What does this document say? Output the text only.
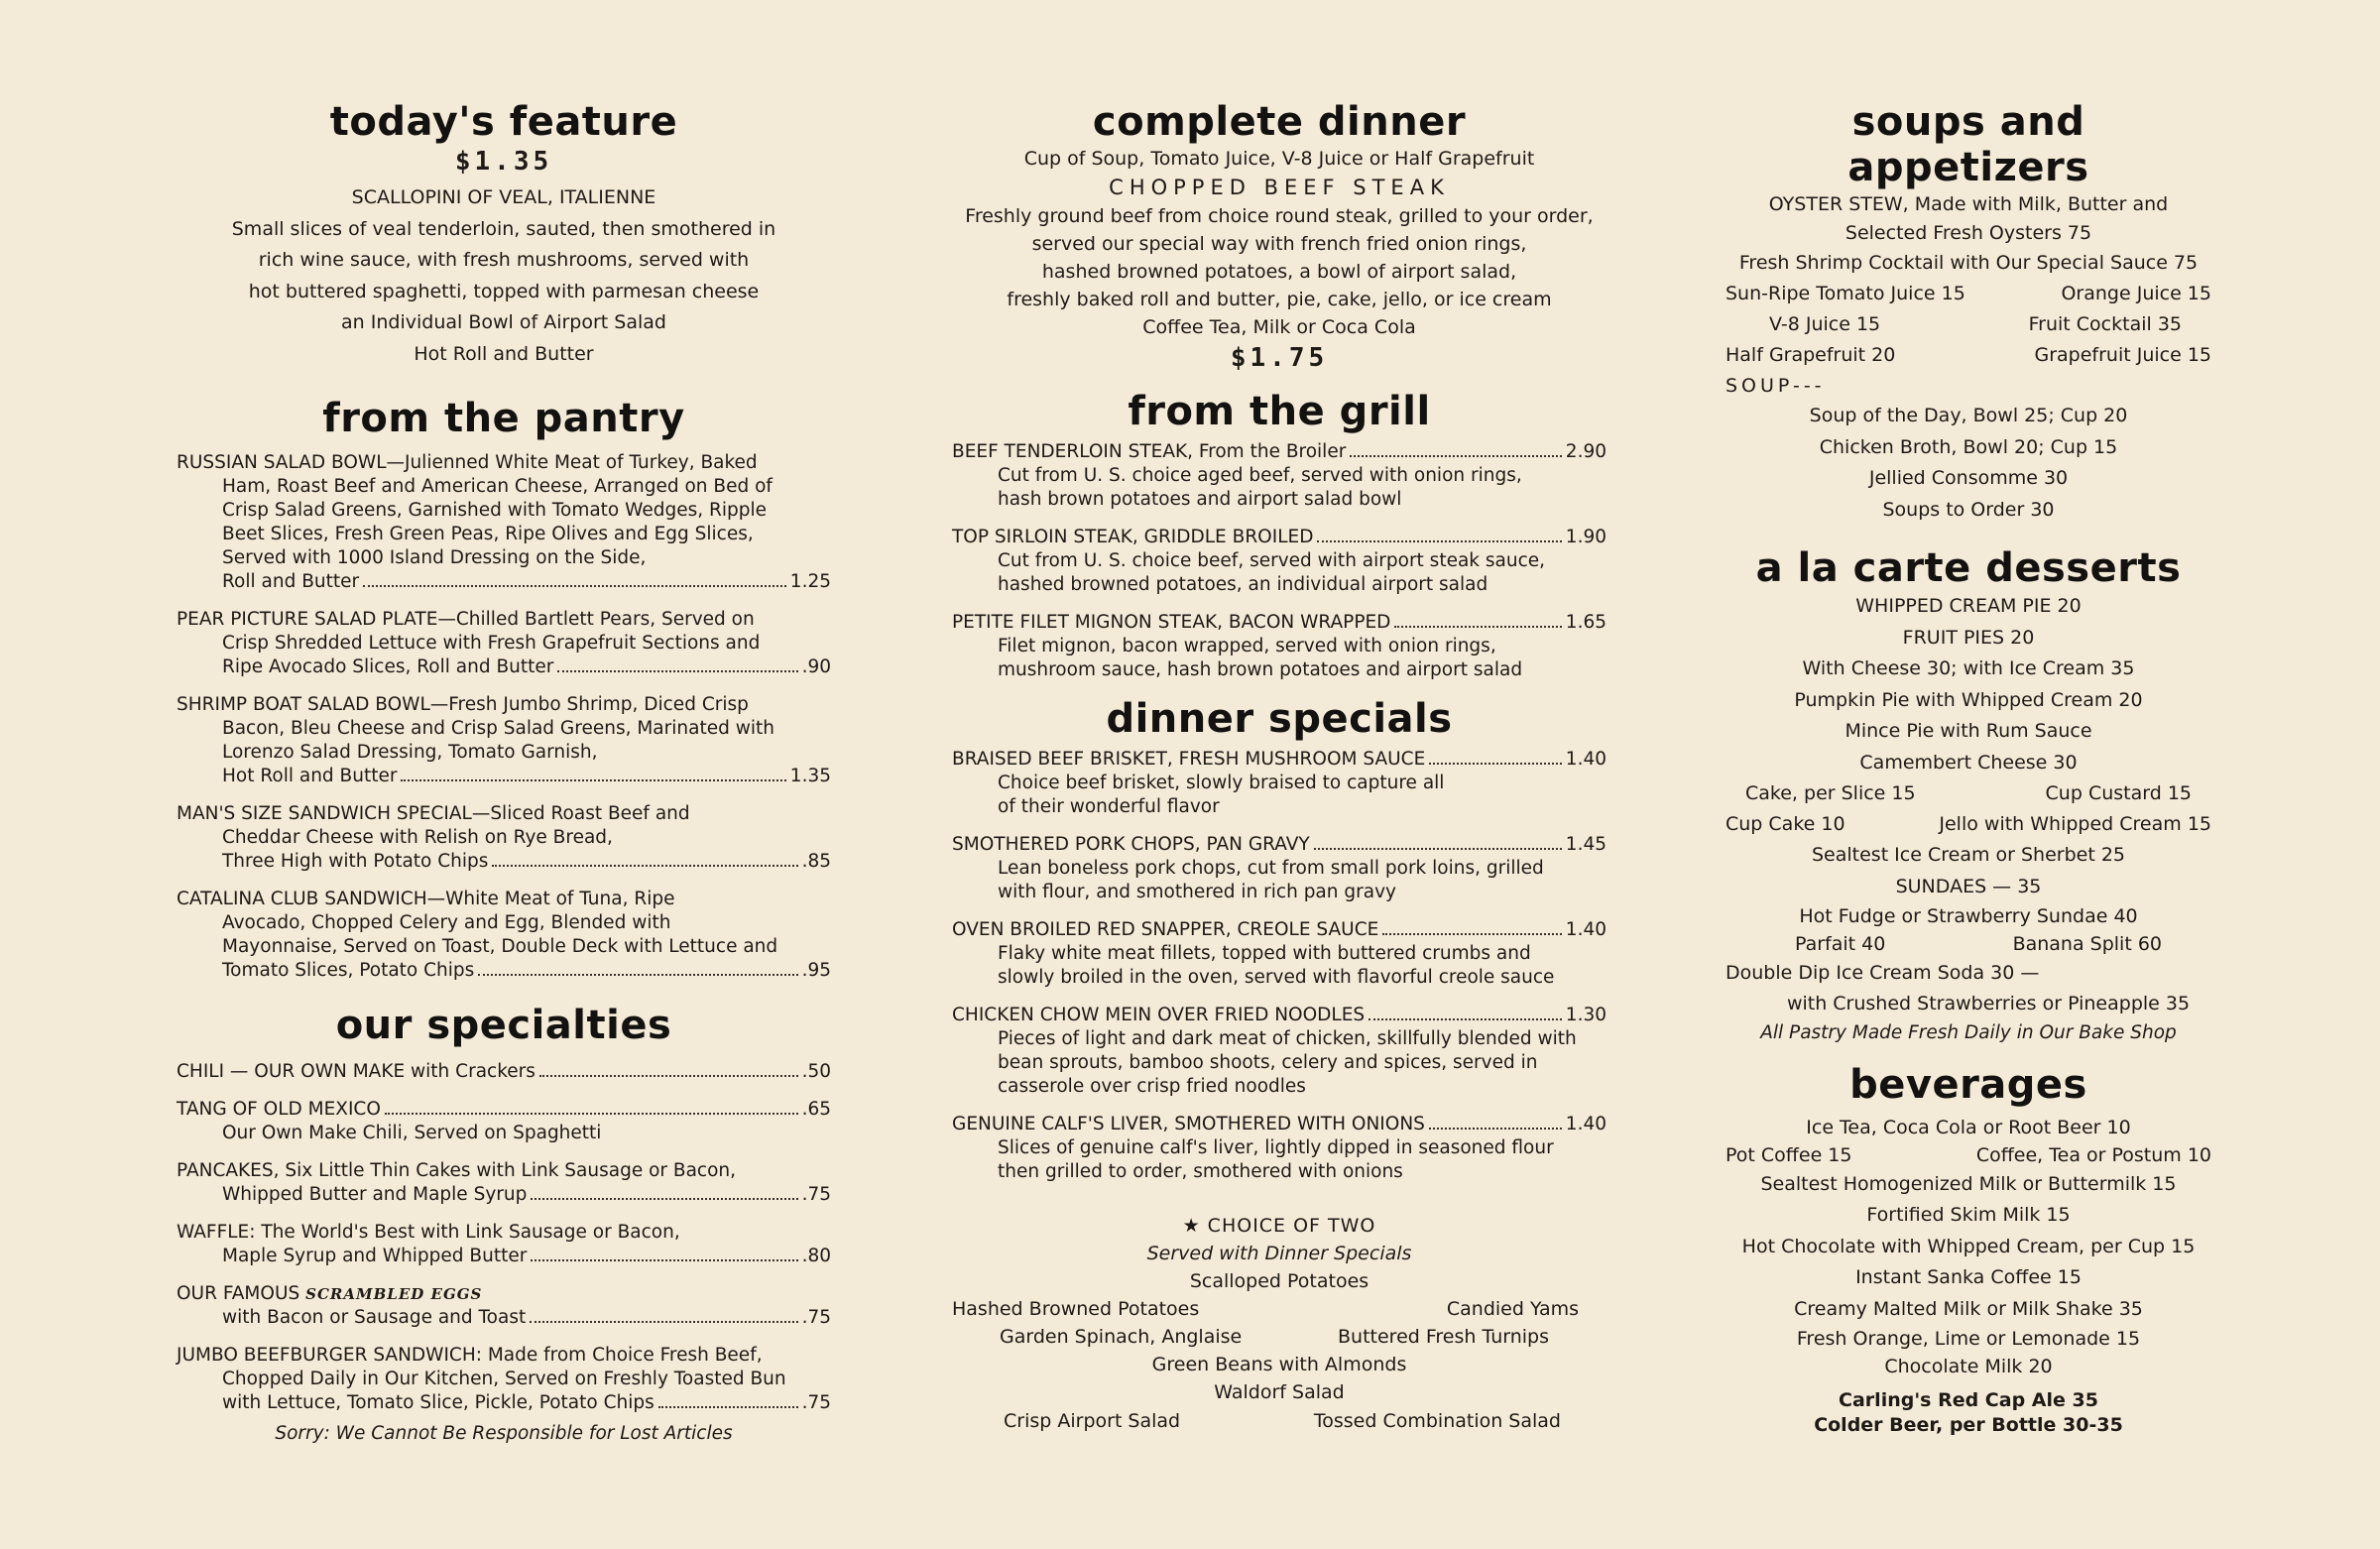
today's feature
$1.35
SCALLOPINI OF VEAL, ITALIENNE
Small slices of veal tenderloin, sauted, then smothered in
rich wine sauce, with fresh mushrooms, served with
hot buttered spaghetti, topped with parmesan cheese
an Individual Bowl of Airport Salad
Hot Roll and Butter
from the pantry
RUSSIAN SALAD BOWL—Julienned White Meat of Turkey, Baked
Ham, Roast Beef and American Cheese, Arranged on Bed of
Crisp Salad Greens, Garnished with Tomato Wedges, Ripple
Beet Slices, Fresh Green Peas, Ripe Olives and Egg Slices,
Served with 1000 Island Dressing on the Side,
Roll and Butter	1.25
PEAR PICTURE SALAD PLATE—Chilled Bartlett Pears, Served on
Crisp Shredded Lettuce with Fresh Grapefruit Sections and
Ripe Avocado Slices, Roll and Butter	.90
SHRIMP BOAT SALAD BOWL—Fresh Jumbo Shrimp, Diced Crisp
Bacon, Bleu Cheese and Crisp Salad Greens, Marinated with
Lorenzo Salad Dressing, Tomato Garnish,
Hot Roll and Butter	1.35
MAN'S SIZE SANDWICH SPECIAL—Sliced Roast Beef and
Cheddar Cheese with Relish on Rye Bread,
Three High with Potato Chips	.85
CATALINA CLUB SANDWICH—White Meat of Tuna, Ripe
Avocado, Chopped Celery and Egg, Blended with
Mayonnaise, Served on Toast, Double Deck with Lettuce and
Tomato Slices, Potato Chips	.95
our specialties
CHILI — OUR OWN MAKE with Crackers	.50
TANG OF OLD MEXICO	.65
Our Own Make Chili, Served on Spaghetti
PANCAKES, Six Little Thin Cakes with Link Sausage or Bacon,
Whipped Butter and Maple Syrup	.75
WAFFLE: The World's Best with Link Sausage or Bacon,
Maple Syrup and Whipped Butter	.80
OUR FAMOUS SCRAMBLED EGGS
with Bacon or Sausage and Toast	.75
JUMBO BEEFBURGER SANDWICH: Made from Choice Fresh Beef,
Chopped Daily in Our Kitchen, Served on Freshly Toasted Bun
with Lettuce, Tomato Slice, Pickle, Potato Chips	.75
Sorry: We Cannot Be Responsible for Lost Articles
complete dinner
Cup of Soup, Tomato Juice, V-8 Juice or Half Grapefruit
CHOPPED BEEF STEAK
Freshly ground beef from choice round steak, grilled to your order,
served our special way with french fried onion rings,
hashed browned potatoes, a bowl of airport salad,
freshly baked roll and butter, pie, cake, jello, or ice cream
Coffee Tea, Milk or Coca Cola
$1.75
from the grill
BEEF TENDERLOIN STEAK, From the Broiler	2.90
Cut from U. S. choice aged beef, served with onion rings,
hash brown potatoes and airport salad bowl
TOP SIRLOIN STEAK, GRIDDLE BROILED	1.90
Cut from U. S. choice beef, served with airport steak sauce,
hashed browned potatoes, an individual airport salad
PETITE FILET MIGNON STEAK, BACON WRAPPED	1.65
Filet mignon, bacon wrapped, served with onion rings,
mushroom sauce, hash brown potatoes and airport salad
dinner specials
BRAISED BEEF BRISKET, FRESH MUSHROOM SAUCE	1.40
Choice beef brisket, slowly braised to capture all
of their wonderful flavor
SMOTHERED PORK CHOPS, PAN GRAVY	1.45
Lean boneless pork chops, cut from small pork loins, grilled
with flour, and smothered in rich pan gravy
OVEN BROILED RED SNAPPER, CREOLE SAUCE	1.40
Flaky white meat fillets, topped with buttered crumbs and
slowly broiled in the oven, served with flavorful creole sauce
CHICKEN CHOW MEIN OVER FRIED NOODLES	1.30
Pieces of light and dark meat of chicken, skillfully blended with
bean sprouts, bamboo shoots, celery and spices, served in
casserole over crisp fried noodles
GENUINE CALF'S LIVER, SMOTHERED WITH ONIONS	1.40
Slices of genuine calf's liver, lightly dipped in seasoned flour
then grilled to order, smothered with onions
★ CHOICE OF TWO
Served with Dinner Specials
Scalloped Potatoes
Hashed Browned Potatoes	Candied Yams
Garden Spinach, Anglaise	Buttered Fresh Turnips
Green Beans with Almonds
Waldorf Salad
Crisp Airport Salad	Tossed Combination Salad
soups and appetizers
OYSTER STEW, Made with Milk, Butter and
Selected Fresh Oysters 75
Fresh Shrimp Cocktail with Our Special Sauce 75
Sun-Ripe Tomato Juice 15	Orange Juice 15
V-8 Juice 15	Fruit Cocktail 35
Half Grapefruit 20	Grapefruit Juice 15
SOUP---
Soup of the Day, Bowl 25; Cup 20
Chicken Broth, Bowl 20; Cup 15
Jellied Consomme 30
Soups to Order 30
a la carte desserts
WHIPPED CREAM PIE 20
FRUIT PIES 20
With Cheese 30; with Ice Cream 35
Pumpkin Pie with Whipped Cream 20
Mince Pie with Rum Sauce
Camembert Cheese 30
Cake, per Slice 15	Cup Custard 15
Cup Cake 10	Jello with Whipped Cream 15
Sealtest Ice Cream or Sherbet 25
SUNDAES — 35
Hot Fudge or Strawberry Sundae 40
Parfait 40	Banana Split 60
Double Dip Ice Cream Soda 30 —
with Crushed Strawberries or Pineapple 35
All Pastry Made Fresh Daily in Our Bake Shop
beverages
Ice Tea, Coca Cola or Root Beer 10
Pot Coffee 15	Coffee, Tea or Postum 10
Sealtest Homogenized Milk or Buttermilk 15
Fortified Skim Milk 15
Hot Chocolate with Whipped Cream, per Cup 15
Instant Sanka Coffee 15
Creamy Malted Milk or Milk Shake 35
Fresh Orange, Lime or Lemonade 15
Chocolate Milk 20
Carling's Red Cap Ale 35
Colder Beer, per Bottle 30-35
